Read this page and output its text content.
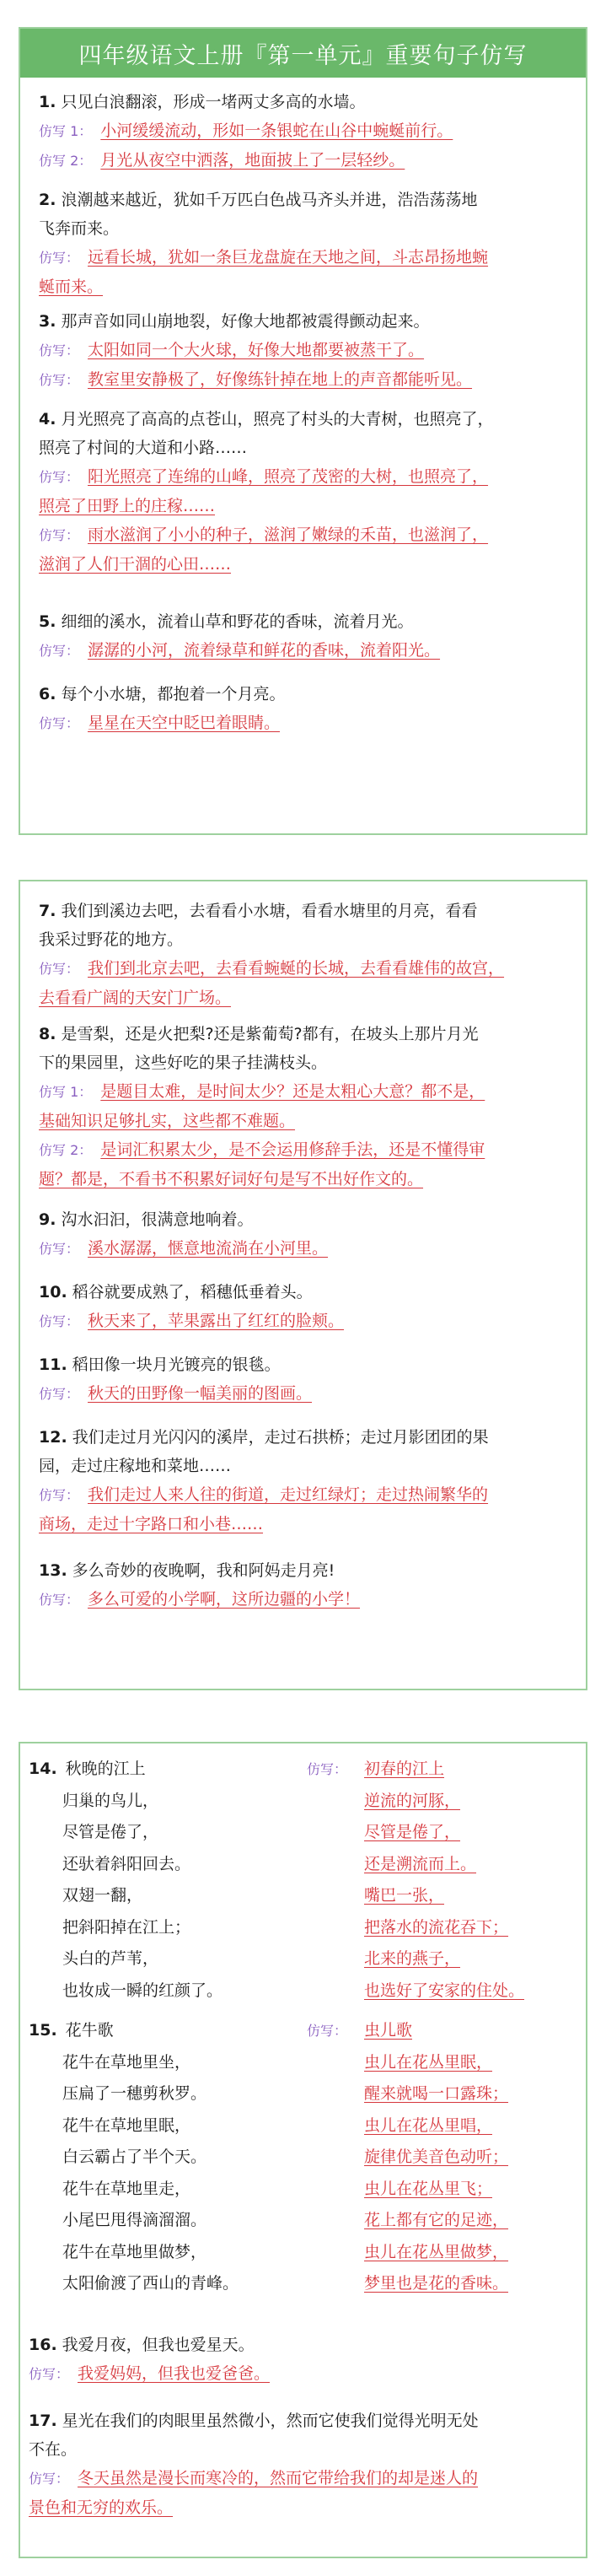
四年级语文上册『第一单元』重要句子仿写
1. 只见白浪翻滚，形成一堵两丈多高的水墙。
仿写 1： 小河缓缓流动，形如一条银蛇在山谷中蜿蜒前行。
仿写 2： 月光从夜空中洒落，地面披上了一层轻纱。
2. 浪潮越来越近，犹如千万匹白色战马齐头并进，浩浩荡荡地
飞奔而来。
仿写： 远看长城，犹如一条巨龙盘旋在天地之间，斗志昂扬地蜿
蜒而来。
3. 那声音如同山崩地裂，好像大地都被震得颤动起来。
仿写： 太阳如同一个大火球，好像大地都要被蒸干了。
仿写： 教室里安静极了，好像练针掉在地上的声音都能听见。
4. 月光照亮了高高的点苍山，照亮了村头的大青树，也照亮了，
照亮了村间的大道和小路……
仿写： 阳光照亮了连绵的山峰，照亮了茂密的大树，也照亮了，
照亮了田野上的庄稼……
仿写： 雨水滋润了小小的种子，滋润了嫩绿的禾苗，也滋润了，
滋润了人们干涸的心田……
5. 细细的溪水，流着山草和野花的香味，流着月光。
仿写： 潺潺的小河，流着绿草和鲜花的香味，流着阳光。
6. 每个小水塘，都抱着一个月亮。
仿写： 星星在天空中眨巴着眼睛。
7. 我们到溪边去吧，去看看小水塘，看看水塘里的月亮，看看
我采过野花的地方。
仿写： 我们到北京去吧，去看看蜿蜒的长城，去看看雄伟的故宫，
去看看广阔的天安门广场。
8. 是雪梨，还是火把梨?还是紫葡萄?都有，在坡头上那片月光
下的果园里，这些好吃的果子挂满枝头。
仿写 1： 是题目太难，是时间太少？还是太粗心大意？都不是，
基础知识足够扎实，这些都不难题。
仿写 2： 是词汇积累太少，是不会运用修辞手法，还是不懂得审
题？都是，不看书不积累好词好句是写不出好作文的。
9. 沟水汩汩，很满意地响着。
仿写： 溪水潺潺，惬意地流淌在小河里。
10. 稻谷就要成熟了，稻穗低垂着头。
仿写： 秋天来了，苹果露出了红红的脸颊。
11. 稻田像一块月光镀亮的银毯。
仿写： 秋天的田野像一幅美丽的图画。
12. 我们走过月光闪闪的溪岸，走过石拱桥；走过月影团团的果
园，走过庄稼地和菜地……
仿写： 我们走过人来人往的街道，走过红绿灯；走过热闹繁华的
商场，走过十字路口和小巷……
13. 多么奇妙的夜晚啊，我和阿妈走月亮!
仿写： 多么可爱的小学啊，这所边疆的小学！
14. 秋晚的江上
归巢的鸟儿，
尽管是倦了，
还驮着斜阳回去。
双翅一翻，
把斜阳掉在江上；
头白的芦苇，
也妆成一瞬的红颜了。
仿写： 初春的江上
逆流的河豚，
尽管是倦了，
还是溯流而上。
嘴巴一张，
把落水的流花吞下；
北来的燕子，
也选好了安家的住处。
15. 花牛歌
花牛在草地里坐，
压扁了一穗剪秋罗。
花牛在草地里眠，
白云霸占了半个天。
花牛在草地里走，
小尾巴甩得滴溜溜。
花牛在草地里做梦，
太阳偷渡了西山的青峰。
仿写： 虫儿歌
虫儿在花丛里眠，
醒来就喝一口露珠；
虫儿在花丛里唱，
旋律优美音色动听；
虫儿在花丛里飞；
花上都有它的足迹，
虫儿在花丛里做梦，
梦里也是花的香味。
16. 我爱月夜，但我也爱星天。
仿写： 我爱妈妈，但我也爱爸爸。
17. 星光在我们的肉眼里虽然微小，然而它使我们觉得光明无处
不在。
仿写： 冬天虽然是漫长而寒冷的，然而它带给我们的却是迷人的
景色和无穷的欢乐。
